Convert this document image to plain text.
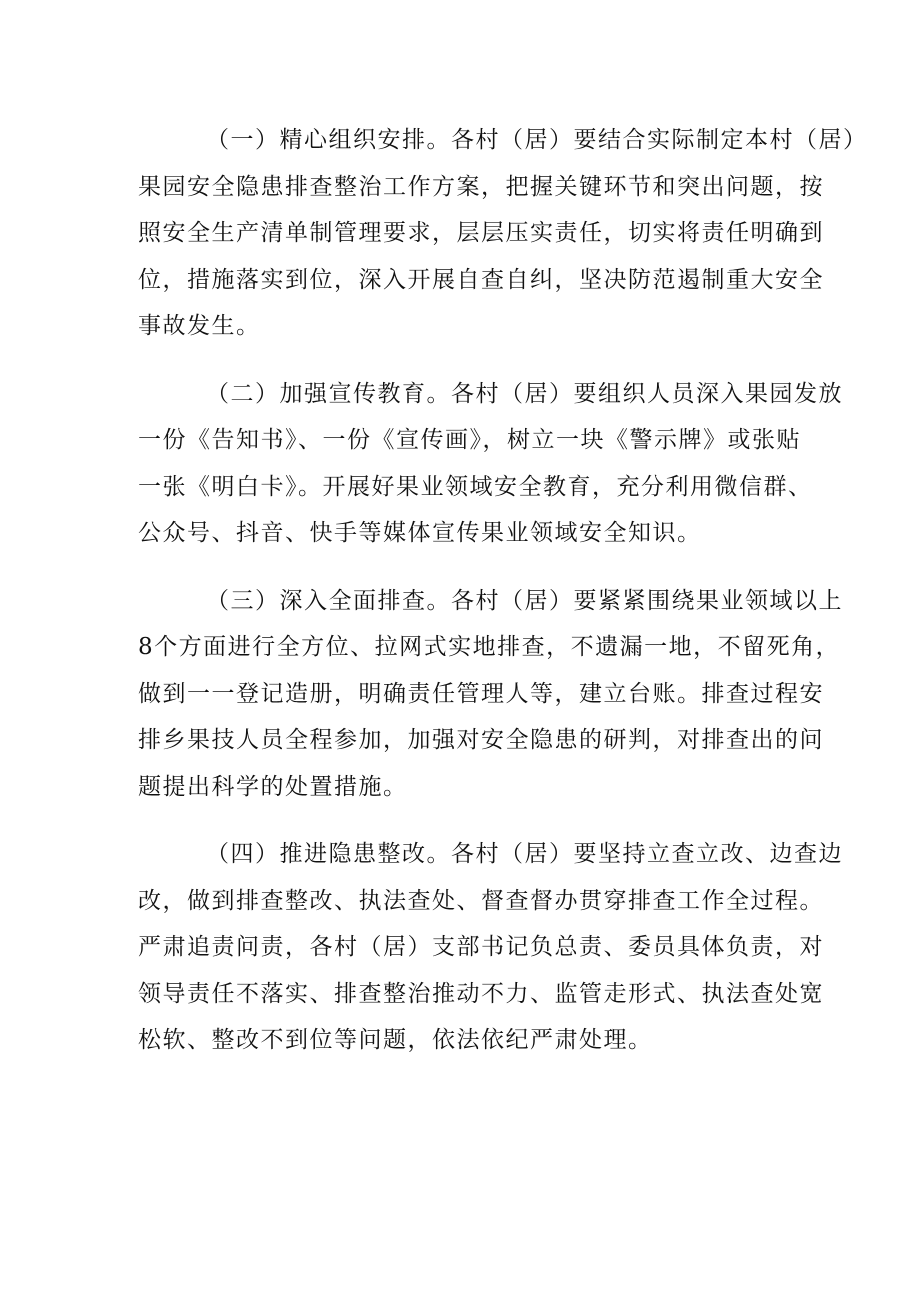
（一）精心组织安排。各村（居）要结合实际制定本村（居）
果园安全隐患排查整治工作方案，把握关键环节和突出问题，按
照安全生产清单制管理要求，层层压实责任，切实将责任明确到
位，措施落实到位，深入开展自查自纠，坚决防范遏制重大安全
事故发生。

（二）加强宣传教育。各村（居）要组织人员深入果园发放
一份《告知书》、一份《宣传画》，树立一块《警示牌》或张贴
一张《明白卡》。开展好果业领域安全教育，充分利用微信群、
公众号、抖音、快手等媒体宣传果业领域安全知识。

（三）深入全面排查。各村（居）要紧紧围绕果业领域以上
8个方面进行全方位、拉网式实地排查，不遗漏一地，不留死角，
做到一一登记造册，明确责任管理人等，建立台账。排查过程安
排乡果技人员全程参加，加强对安全隐患的研判，对排查出的问
题提出科学的处置措施。

（四）推进隐患整改。各村（居）要坚持立查立改、边查边
改，做到排查整改、执法查处、督查督办贯穿排查工作全过程。
严肃追责问责，各村（居）支部书记负总责、委员具体负责，对
领导责任不落实、排查整治推动不力、监管走形式、执法查处宽
松软、整改不到位等问题，依法依纪严肃处理。
